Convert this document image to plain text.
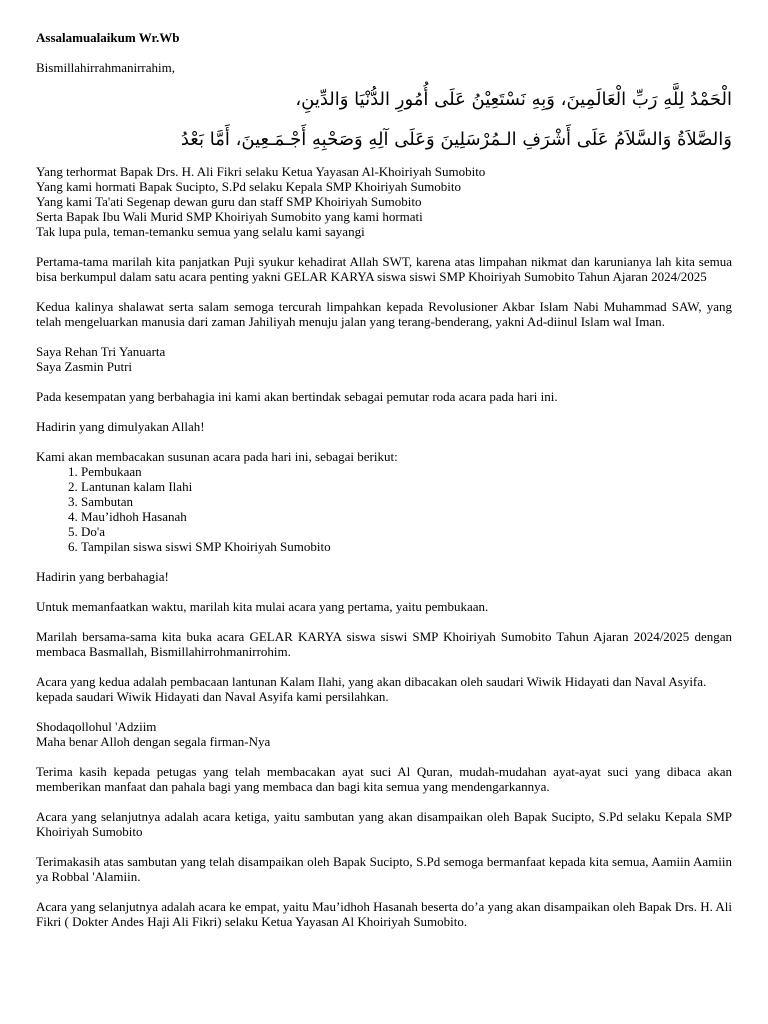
Assalamualaikum Wr.Wb

Bismillahirrahmanirrahim,

الْحَمْدُ لِلَّهِ رَبِّ الْعَالَمِينَ، وَبِهِ نَسْتَعِيْنُ عَلَى أُمُورِ الدُّنْيَا وَالدِّينِ،

وَالصَّلاَةُ وَالسَّلاَمُ عَلَى أَشْرَفِ الـمُرْسَلِينَ وَعَلَى آلِهِ وَصَحْبِهِ أَجْـمَـعِينَ، أَمَّا بَعْدُ

Yang terhormat Bapak Drs. H. Ali Fikri selaku Ketua Yayasan Al-Khoiriyah Sumobito

Yang kami hormati Bapak Sucipto, S.Pd selaku Kepala SMP Khoiriyah Sumobito

Yang kami Ta'ati Segenap dewan guru dan staff SMP Khoiriyah Sumobito

Serta Bapak Ibu Wali Murid SMP Khoiriyah Sumobito yang kami hormati

Tak lupa pula, teman-temanku semua yang selalu kami sayangi

Pertama-tama marilah kita panjatkan Puji syukur kehadirat Allah SWT, karena atas limpahan nikmat dan karunianya lah kita semua bisa berkumpul dalam satu acara penting yakni GELAR KARYA siswa siswi SMP Khoiriyah Sumobito Tahun Ajaran 2024/2025

Kedua kalinya shalawat serta salam semoga tercurah limpahkan kepada Revolusioner Akbar Islam Nabi Muhammad SAW, yang telah mengeluarkan manusia dari zaman Jahiliyah menuju jalan yang terang-benderang, yakni Ad-diinul Islam wal Iman.

Saya Rehan Tri Yanuarta

Saya Zasmin Putri

Pada kesempatan yang berbahagia ini kami akan bertindak sebagai pemutar roda acara pada hari ini.

Hadirin yang dimulyakan Allah!

Kami akan membacakan susunan acara pada hari ini, sebagai berikut:

1. Pembukaan
2. Lantunan kalam Ilahi
3. Sambutan
4. Mau’idhoh Hasanah
5. Do'a
6. Tampilan siswa siswi SMP Khoiriyah Sumobito

Hadirin yang berbahagia!

Untuk memanfaatkan waktu, marilah kita mulai acara yang pertama, yaitu pembukaan.

Marilah bersama-sama kita buka acara GELAR KARYA siswa siswi SMP Khoiriyah Sumobito Tahun Ajaran 2024/2025 dengan membaca Basmallah, Bismillahirrohmanirrohim.

Acara yang kedua adalah pembacaan lantunan Kalam Ilahi, yang akan dibacakan oleh saudari Wiwik Hidayati dan Naval Asyifa.

kepada saudari Wiwik Hidayati dan Naval Asyifa kami persilahkan.

Shodaqollohul 'Adziim

Maha benar Alloh dengan segala firman-Nya

Terima kasih kepada petugas yang telah membacakan ayat suci Al Quran, mudah-mudahan ayat-ayat suci yang dibaca akan memberikan manfaat dan pahala bagi yang membaca dan bagi kita semua yang mendengarkannya.

Acara yang selanjutnya adalah acara ketiga, yaitu sambutan yang akan disampaikan oleh Bapak Sucipto, S.Pd selaku Kepala SMP Khoiriyah Sumobito

Terimakasih atas sambutan yang telah disampaikan oleh Bapak Sucipto, S.Pd semoga bermanfaat kepada kita semua, Aamiin Aamiin ya Robbal 'Alamiin.

Acara yang selanjutnya adalah acara ke empat, yaitu Mau’idhoh Hasanah beserta do’a yang akan disampaikan oleh Bapak Drs. H. Ali Fikri ( Dokter Andes Haji Ali Fikri) selaku Ketua Yayasan Al Khoiriyah Sumobito.
